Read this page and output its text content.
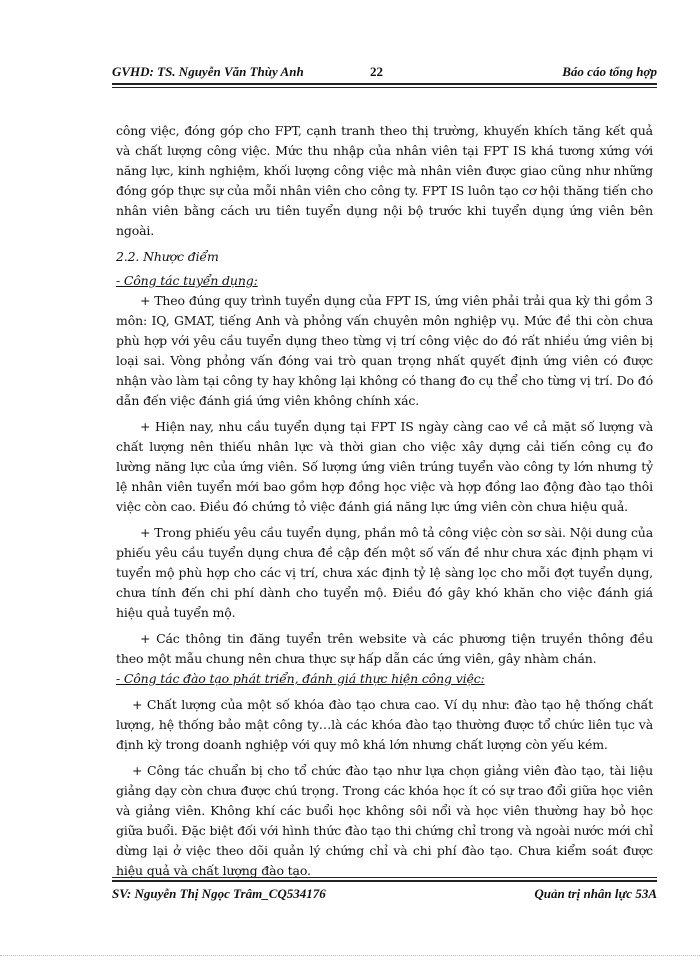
GVHD: TS. Nguyễn Văn Thùy Anh	22	Báo cáo tổng hợp

công việc, đóng góp cho FPT, cạnh tranh theo thị trường, khuyến khích tăng kết quả và chất lượng công việc. Mức thu nhập của nhân viên tại FPT IS khá tương xứng với năng lực, kinh nghiệm, khối lượng công việc mà nhân viên được giao cũng như những đóng góp thực sự của mỗi nhân viên cho công ty. FPT IS luôn tạo cơ hội thăng tiến cho nhân viên bằng cách ưu tiên tuyển dụng nội bộ trước khi tuyển dụng ứng viên bên ngoài.

2.2. Nhược điểm

- Công tác tuyển dụng:

+ Theo đúng quy trình tuyển dụng của FPT IS, ứng viên phải trải qua kỳ thi gồm 3 môn: IQ, GMAT, tiếng Anh và phỏng vấn chuyên môn nghiệp vụ. Mức đề thi còn chưa phù hợp với yêu cầu tuyển dụng theo từng vị trí công việc do đó rất nhiều ứng viên bị loại sai. Vòng phỏng vấn đóng vai trò quan trọng nhất quyết định ứng viên có được nhận vào làm tại công ty hay không lại không có thang đo cụ thể cho từng vị trí. Do đó dẫn đến việc đánh giá ứng viên không chính xác.

+ Hiện nay, nhu cầu tuyển dụng tại FPT IS ngày càng cao về cả mặt số lượng và chất lượng nên thiếu nhân lực và thời gian cho việc xây dựng cải tiến công cụ đo lường năng lực của ứng viên. Số lượng ứng viên trúng tuyển vào công ty lớn nhưng tỷ lệ nhân viên tuyển mới bao gồm hợp đồng học việc và hợp đồng lao động đào tạo thôi việc còn cao. Điều đó chứng tỏ việc đánh giá năng lực ứng viên còn chưa hiệu quả.

+ Trong phiếu yêu cầu tuyển dụng, phần mô tả công việc còn sơ sài. Nội dung của phiếu yêu cầu tuyển dụng chưa đề cập đến một số vấn đề như chưa xác định phạm vi tuyển mộ phù hợp cho các vị trí, chưa xác định tỷ lệ sàng lọc cho mỗi đợt tuyển dụng, chưa tính đến chi phí dành cho tuyển mộ. Điều đó gây khó khăn cho việc đánh giá hiệu quả tuyển mộ.

+ Các thông tin đăng tuyển trên website và các phương tiện truyền thông đều theo một mẫu chung nên chưa thực sự hấp dẫn các ứng viên, gây nhàm chán.

- Công tác đào tạo phát triển, đánh giá thực hiện công việc:

+ Chất lượng của một số khóa đào tạo chưa cao. Ví dụ như: đào tạo hệ thống chất lượng, hệ thống bảo mật công ty…là các khóa đào tạo thường được tổ chức liên tục và định kỳ trong doanh nghiệp với quy mô khá lớn nhưng chất lượng còn yếu kém.

+ Công tác chuẩn bị cho tổ chức đào tạo như lựa chọn giảng viên đào tạo, tài liệu giảng dạy còn chưa được chú trọng. Trong các khóa học ít có sự trao đổi giữa học viên và giảng viên. Không khí các buổi học không sôi nổi và học viên thường hay bỏ học giữa buổi. Đặc biệt đối với hình thức đào tạo thi chứng chỉ trong và ngoài nước mới chỉ dừng lại ở việc theo dõi quản lý chứng chỉ và chi phí đào tạo. Chưa kiểm soát được hiệu quả và chất lượng đào tạo.

SV: Nguyễn Thị Ngọc Trâm_CQ534176	Quản trị nhân lực 53A
